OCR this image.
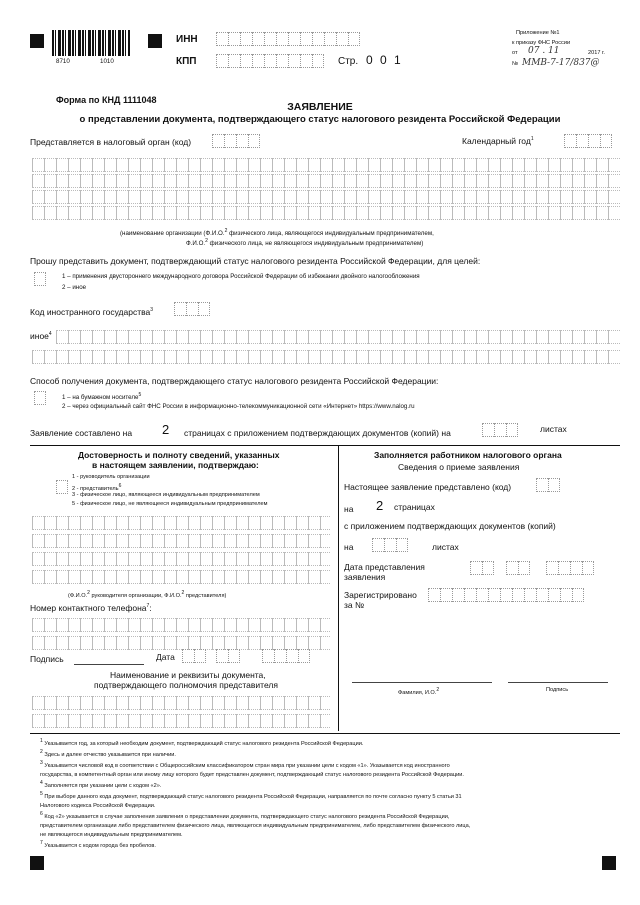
8710	1010
ИНН
КПП	Стр. 0 0 1
Приложение №1
к приказу ФНС России
от 07 . 11	2017 г.
№ ММВ-7-17/837@
Форма по КНД 1111048
ЗАЯВЛЕНИЕ
о представлении документа, подтверждающего статус налогового резидента Российской Федерации
Представляется в налоговый орган (код)	Календарный год$^1$
(наименование организации (Ф.И.О.$^2$ физического лица, являющегося индивидуальным предпринимателем,
Ф.И.О.$^2$ физического лица, не являющегося индивидуальным предпринимателем)
Прошу представить документ, подтверждающий статус налогового резидента Российской Федерации, для целей:
1 – применения двустороннего международного договора Российской Федерации об избежании двойного налогообложения
2 – иное
Код иностранного государства$^3$
иное$^4$
Способ получения документа, подтверждающего статус налогового резидента Российской Федерации:
1 – на бумажном носителе$^5$
2 – через официальный сайт ФНС России в информационно-телекоммуникационной сети «Интернет» https://www.nalog.ru
Заявление составлено на 2 страницах с приложением подтверждающих документов (копий) на	листах
Достоверность и полноту сведений, указанных
в настоящем заявлении, подтверждаю:
1 - руководитель организации
2 - представитель$^6$
3 - физическое лицо, являющееся индивидуальным предпринимателем
5 - физическое лицо, не являющееся индивидуальным предпринимателем
(Ф.И.О.$^2$ руководителя организации, Ф.И.О.$^2$ представителя)
Номер контактного телефона$^7$:
Подпись	Дата
Наименование и реквизиты документа,
подтверждающего полномочия представителя
Заполняется работником налогового органа
Сведения о приеме заявления
Настоящее заявление представлено (код)
на 2 страницах
с приложением подтверждающих документов (копий)
на	листах
Дата представления
заявления
Зарегистрировано
за №
Фамилия, И.О.$^2$	Подпись
$^1$ Указывается год, за который необходим документ, подтверждающий статус налогового резидента Российской Федерации.
$^2$ Здесь и далее отчество указывается при наличии.
$^3$ Указывается числовой код в соответствии с Общероссийским классификатором стран мира при указании цели с кодом «1». Указывается код иностранного
государства, в компетентный орган или иному лицу которого будет представлен документ, подтверждающий статус налогового резидента Российской Федерации.
$^4$ Заполняется при указании цели с кодом «2».
$^5$ При выборе данного кода документ, подтверждающий статус налогового резидента Российской Федерации, направляется по почте согласно пункту 5 статьи 31
Налогового кодекса Российской Федерации.
$^6$ Код «2» указывается в случае заполнения заявления о представлении документа, подтверждающего статус налогового резидента Российской Федерации,
представителем организации либо представителем физического лица, являющегося индивидуальным предпринимателем, либо представителем физического лица,
не являющегося индивидуальным предпринимателем.
$^7$ Указывается с кодом города без пробелов.
